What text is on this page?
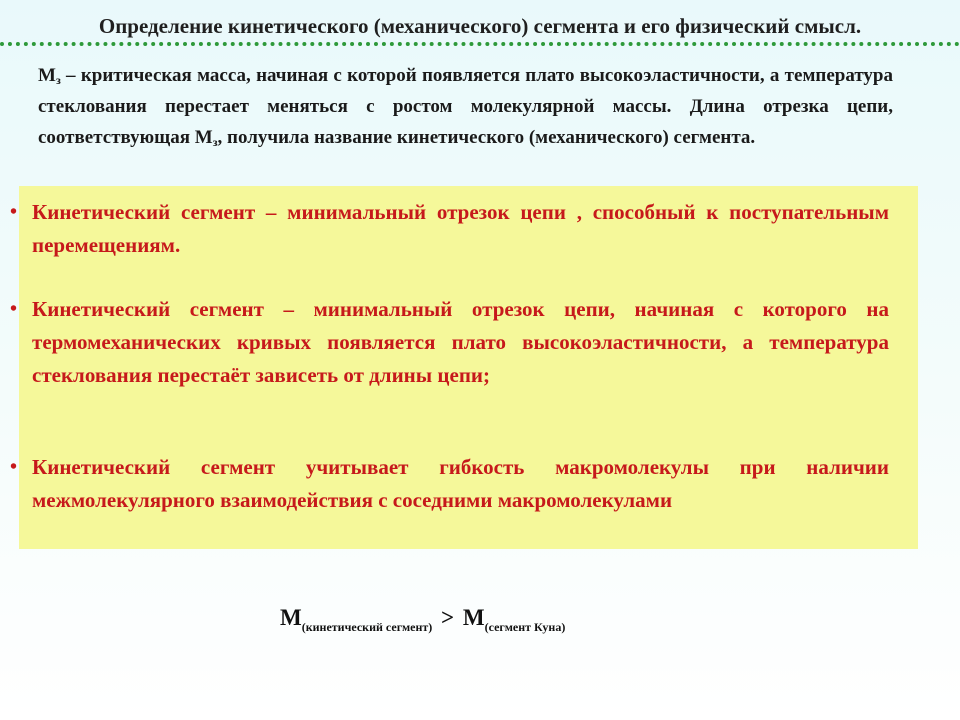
Определение кинетического (механического) сегмента и его физический смысл.

$М_з$ – критическая масса, начиная с которой появляется плато высокоэластичности, а температура стеклования перестает меняться с ростом молекулярной массы. Длина отрезка цепи, соответствующая $М_з$, получила название кинетического (механического) сегмента.

• Кинетический сегмент – минимальный отрезок цепи , способный к поступательным перемещениям.
• Кинетический сегмент – минимальный отрезок цепи, начиная с которого на термомеханических кривых появляется плато высокоэластичности, а температура стеклования перестаёт зависеть от длины цепи;
• Кинетический сегмент учитывает гибкость макромолекулы при наличии межмолекулярного взаимодействия с соседними макромолекулами

$М_{(кинетический сегмент)} > М_{(сегмент Куна)}$
